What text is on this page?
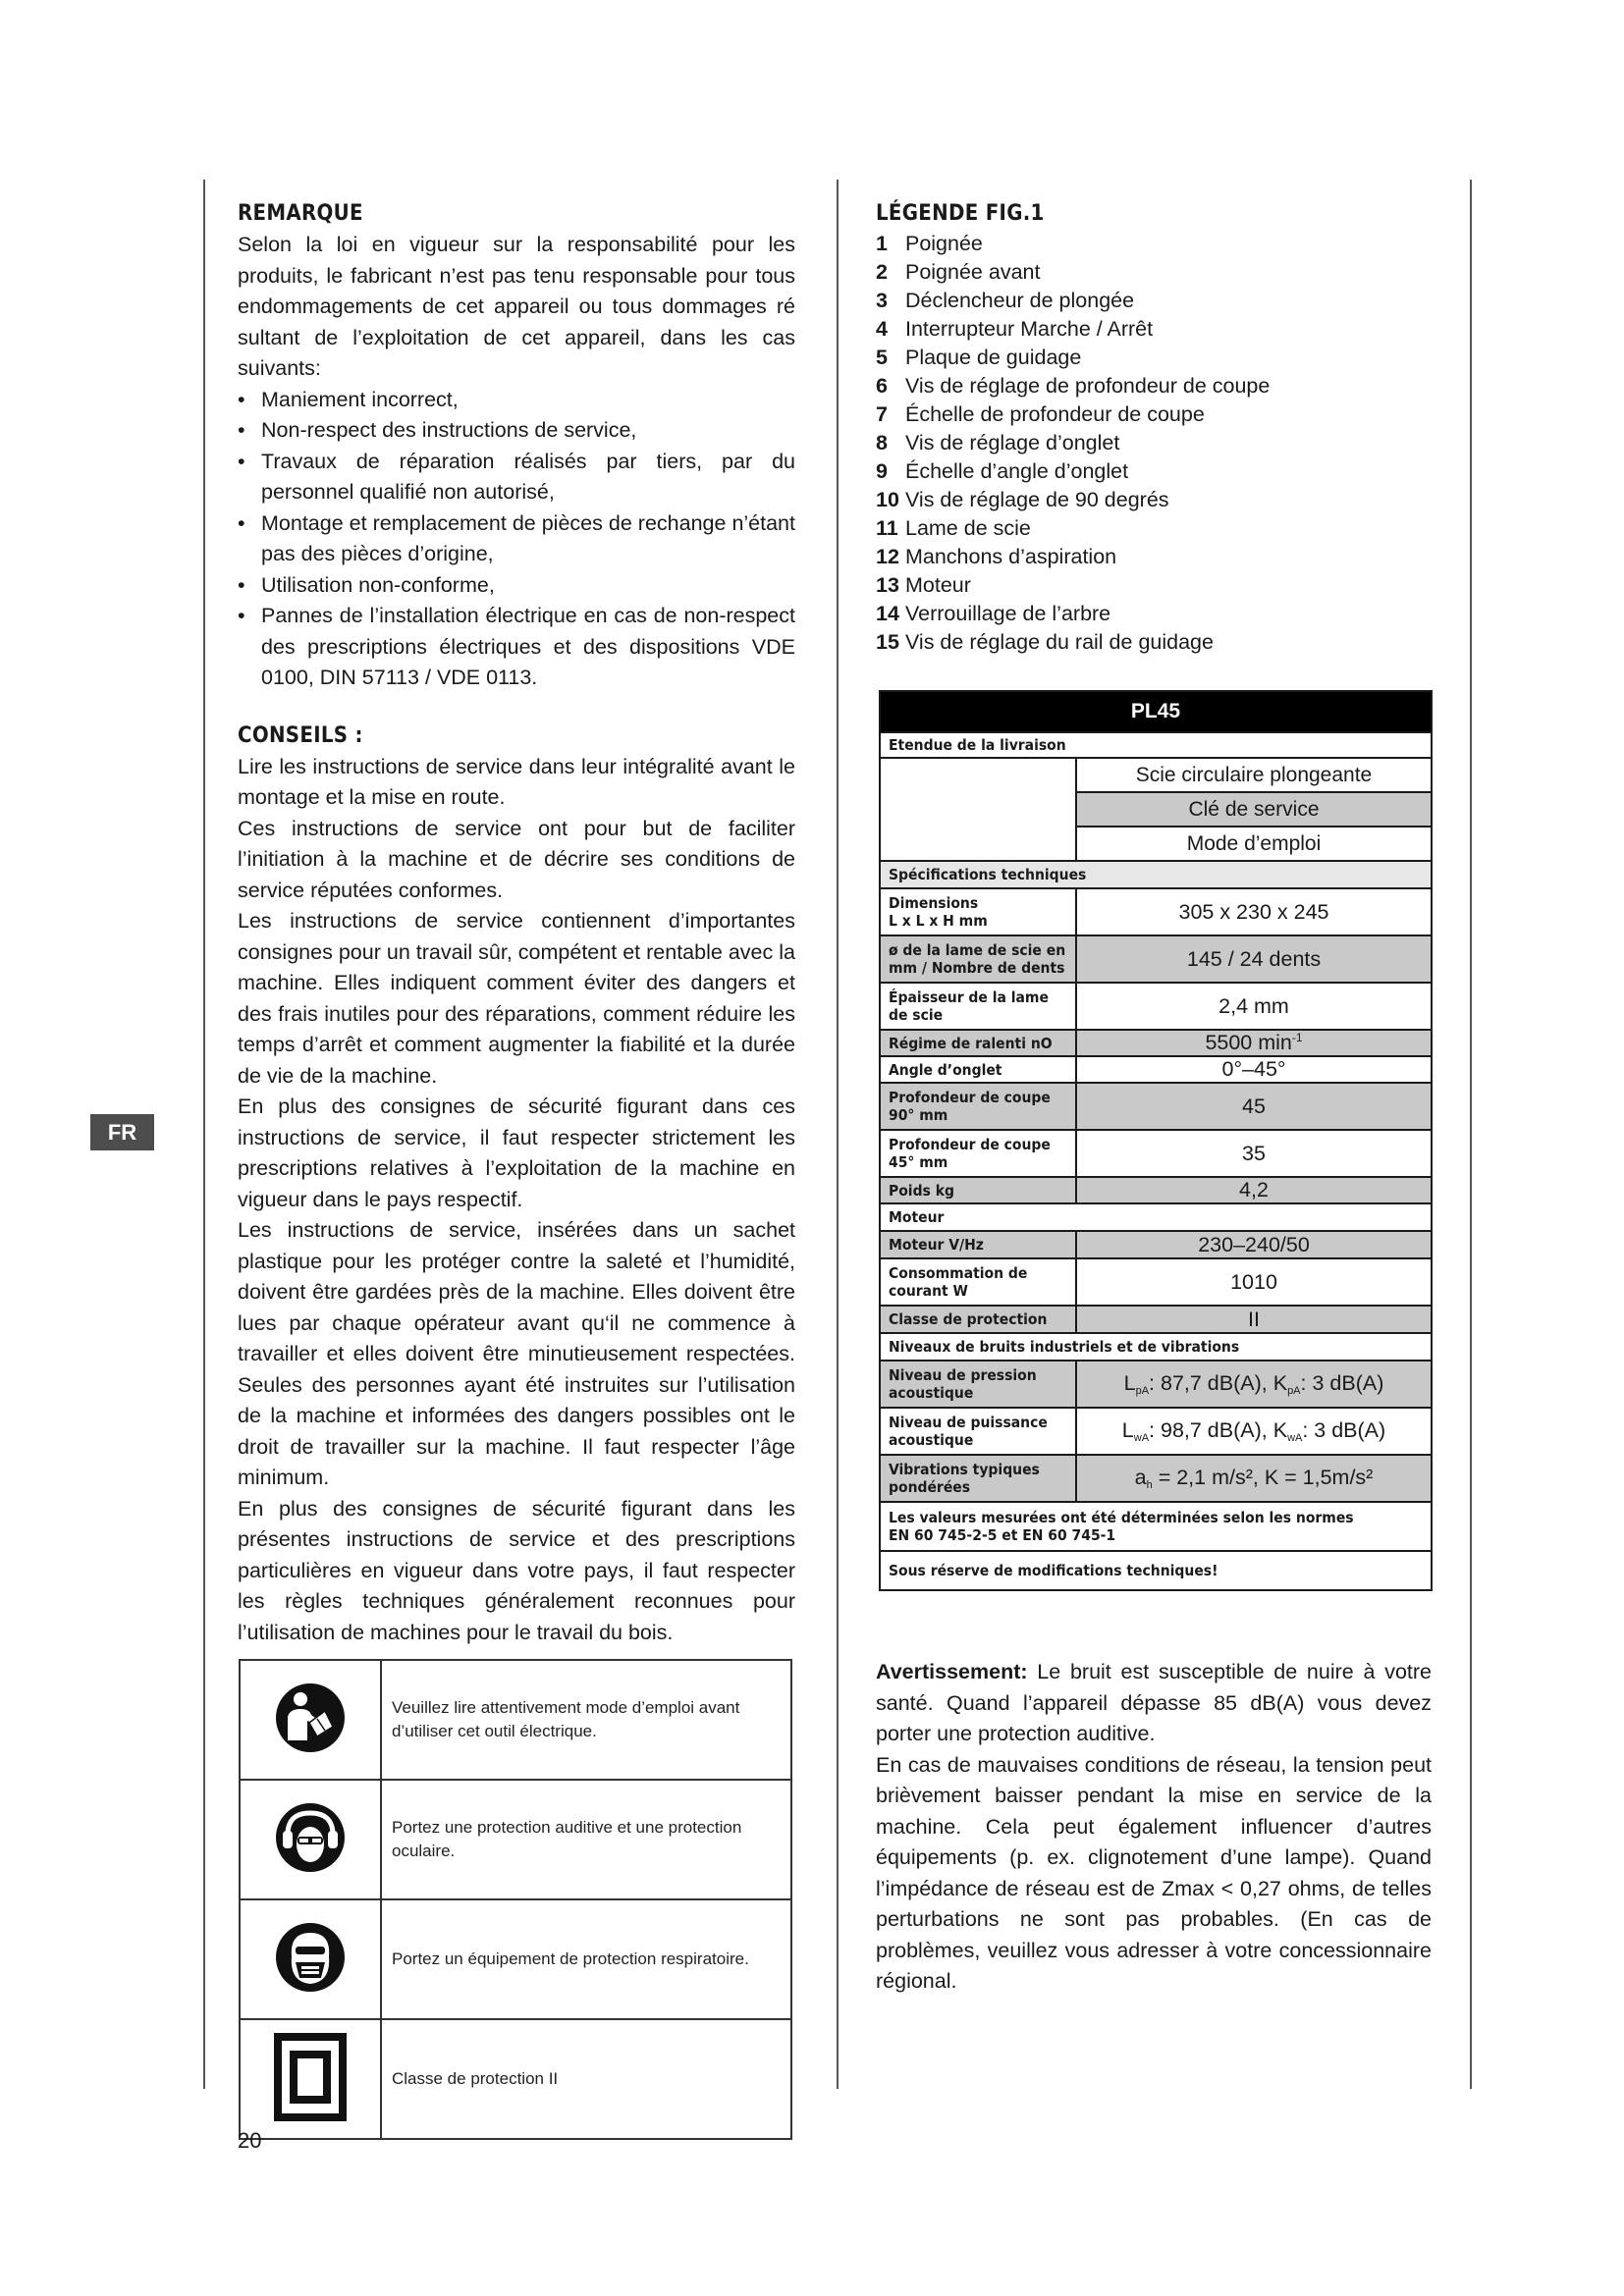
FR
REMARQUE

Selon la loi en vigueur sur la responsabilité pour les produits, le fabricant n’est pas tenu responsable pour tous endommagements de cet appareil ou tous dommages ré sultant de l’exploitation de cet appareil, dans les cas suivants:

• Maniement incorrect,
• Non-respect des instructions de service,
• Travaux de réparation réalisés par tiers, par du personnel qualifié non autorisé,
• Montage et remplacement de pièces de rechange n’étant pas des pièces d’origine,
• Utilisation non-conforme,
• Pannes de l’installation électrique en cas de non-respect des prescriptions électriques et des dispositions VDE 0100, DIN 57113 / VDE 0113.
CONSEILS :

Lire les instructions de service dans leur intégralité avant le montage et la mise en route.

Ces instructions de service ont pour but de faciliter l’initiation à la machine et de décrire ses conditions de service réputées conformes.

Les instructions de service contiennent d’importantes consignes pour un travail sûr, compétent et rentable avec la machine. Elles indiquent comment éviter des dangers et des frais inutiles pour des réparations, comment réduire les temps d’arrêt et comment augmenter la fiabilité et la durée de vie de la machine.

En plus des consignes de sécurité figurant dans ces instructions de service, il faut respecter strictement les prescriptions relatives à l’exploitation de la machine en vigueur dans le pays respectif.

Les instructions de service, insérées dans un sachet plastique pour les protéger contre la saleté et l’humidité, doivent être gardées près de la machine. Elles doivent être lues par chaque opérateur avant qu‘il ne commence à travailler et elles doivent être minutieusement respectées. Seules des personnes ayant été instruites sur l’utilisation de la machine et informées des dangers possibles ont le droit de travailler sur la machine. Il faut respecter l’âge minimum.

En plus des consignes de sécurité figurant dans les présentes instructions de service et des prescriptions particulières en vigueur dans votre pays, il faut respecter les règles techniques généralement reconnues pour l’utilisation de machines pour le travail du bois.

	Veuillez lire attentivement mode d’emploi avant d’utiliser cet outil électrique.
	Portez une protection auditive et une protection oculaire.
	Portez un équipement de protection respiratoire.
	Classe de protection II
20
LÉGENDE FIG.1
1 Poignée
2 Poignée avant
3 Déclencheur de plongée
4 Interrupteur Marche / Arrêt
5 Plaque de guidage
6 Vis de réglage de profondeur de coupe
7 Échelle de profondeur de coupe
8 Vis de réglage d’onglet
9 Échelle d’angle d’onglet
10 Vis de réglage de 90 degrés
11 Lame de scie
12 Manchons d’aspiration
13 Moteur
14 Verrouillage de l’arbre
15 Vis de réglage du rail de guidage
PL45
Etendue de la livraison

Scie circulaire plongeante
Clé de service
Mode d’emploi

Spécifications techniques
Dimensions
L x L x H mm	305 x 230 x 245
ø de la lame de scie en
mm / Nombre de dents	145 / 24 dents
Épaisseur de la lame
de scie	2,4 mm
Régime de ralenti nO	5500 $\min^{-1}$
Angle d’onglet	0°–45°
Profondeur de coupe
90° mm	45
Profondeur de coupe
45° mm	35
Poids kg	4,2
Moteur
Moteur V/Hz	230–240/50
Consommation de
courant W	1010
Classe de protection	II
Niveaux de bruits industriels et de vibrations
Niveau de pression
acoustique	$L_{pA}$: 87,7 dB(A), $K_{pA}$: 3 dB(A)
Niveau de puissance
acoustique	$L_{wA}$: 98,7 dB(A), $K_{wA}$: 3 dB(A)
Vibrations typiques
pondérées	$a_h = 2,1$ m/s², K = 1,5m/s²
Les valeurs mesurées ont été déterminées selon les normes
EN 60 745-2-5 et EN 60 745-1
Sous réserve de modifications techniques!

Avertissement: Le bruit est susceptible de nuire à votre santé. Quand l’appareil dépasse 85 dB(A) vous devez porter une protection auditive.

En cas de mauvaises conditions de réseau, la tension peut brièvement baisser pendant la mise en service de la machine. Cela peut également influencer d’autres équipements (p. ex. clignotement d’une lampe). Quand l’impédance de réseau est de Zmax < 0,27 ohms, de telles perturbations ne sont pas probables. (En cas de problèmes, veuillez vous adresser à votre concessionnaire régional.
